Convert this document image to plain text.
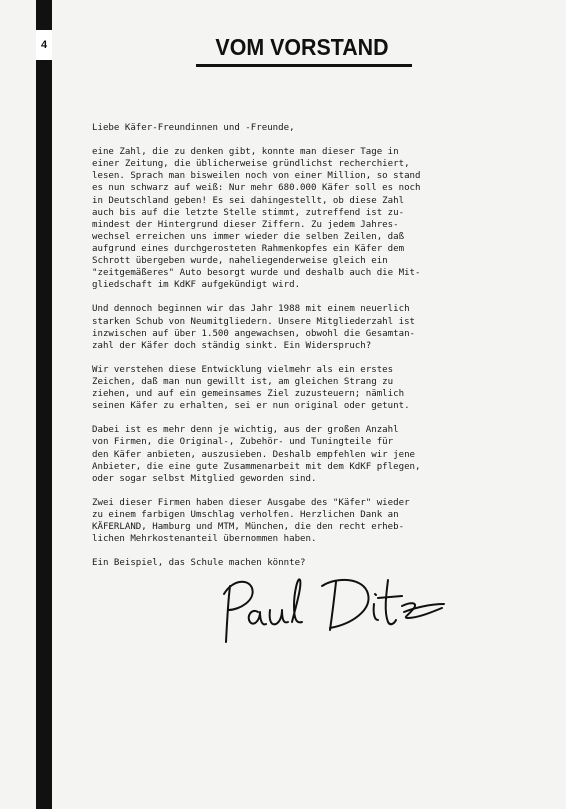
4	VOM VORSTAND

Liebe Käfer-Freundinnen und -Freunde,

eine Zahl, die zu denken gibt, konnte man dieser Tage in
einer Zeitung, die üblicherweise gründlichst recherchiert,
lesen. Sprach man bisweilen noch von einer Million, so stand
es nun schwarz auf weiß: Nur mehr 680.000 Käfer soll es noch
in Deutschland geben! Es sei dahingestellt, ob diese Zahl
auch bis auf die letzte Stelle stimmt, zutreffend ist zu-
mindest der Hintergrund dieser Ziffern. Zu jedem Jahres-
wechsel erreichen uns immer wieder die selben Zeilen, daß
aufgrund eines durchgerosteten Rahmenkopfes ein Käfer dem
Schrott übergeben wurde, naheliegenderweise gleich ein
"zeitgemäßeres" Auto besorgt wurde und deshalb auch die Mit-
gliedschaft im KdKF aufgekündigt wird.

Und dennoch beginnen wir das Jahr 1988 mit einem neuerlich
starken Schub von Neumitgliedern. Unsere Mitgliederzahl ist
inzwischen auf über 1.500 angewachsen, obwohl die Gesamtan-
zahl der Käfer doch ständig sinkt. Ein Widerspruch?

Wir verstehen diese Entwicklung vielmehr als ein erstes
Zeichen, daß man nun gewillt ist, am gleichen Strang zu
ziehen, und auf ein gemeinsames Ziel zuzusteuern; nämlich
seinen Käfer zu erhalten, sei er nun original oder getunt.

Dabei ist es mehr denn je wichtig, aus der großen Anzahl
von Firmen, die Original-, Zubehör- und Tuningteile für
den Käfer anbieten, auszusieben. Deshalb empfehlen wir jene
Anbieter, die eine gute Zusammenarbeit mit dem KdKF pflegen,
oder sogar selbst Mitglied geworden sind.

Zwei dieser Firmen haben dieser Ausgabe des "Käfer" wieder
zu einem farbigen Umschlag verholfen. Herzlichen Dank an
KÄFERLAND, Hamburg und MTM, München, die den recht erheb-
lichen Mehrkostenanteil übernommen haben.

Ein Beispiel, das Schule machen könnte?
